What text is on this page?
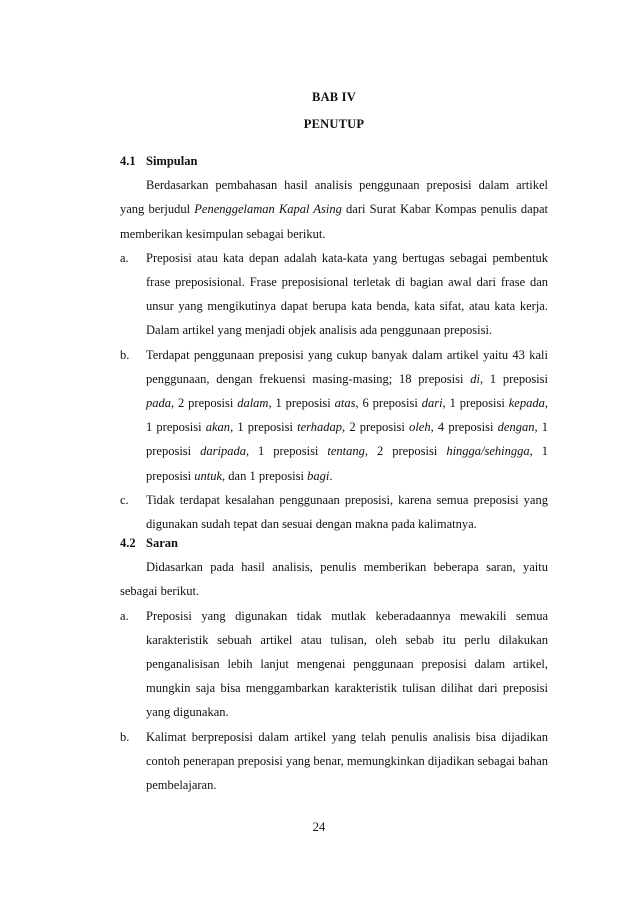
BAB IV
PENUTUP
4.1 Simpulan

Berdasarkan pembahasan hasil analisis penggunaan preposisi dalam artikel yang berjudul Penenggelaman Kapal Asing dari Surat Kabar Kompas penulis dapat memberikan kesimpulan sebagai berikut.

a. Preposisi atau kata depan adalah kata-kata yang bertugas sebagai pembentuk frase preposisional. Frase preposisional terletak di bagian awal dari frase dan unsur yang mengikutinya dapat berupa kata benda, kata sifat, atau kata kerja. Dalam artikel yang menjadi objek analisis ada penggunaan preposisi.
b. Terdapat penggunaan preposisi yang cukup banyak dalam artikel yaitu 43 kali penggunaan, dengan frekuensi masing-masing; 18 preposisi di, 1 preposisi pada, 2 preposisi dalam, 1 preposisi atas, 6 preposisi dari, 1 preposisi kepada, 1 preposisi akan, 1 preposisi terhadap, 2 preposisi oleh, 4 preposisi dengan, 1 preposisi daripada, 1 preposisi tentang, 2 preposisi hingga/sehingga, 1 preposisi untuk, dan 1 preposisi bagi.
c. Tidak terdapat kesalahan penggunaan preposisi, karena semua preposisi yang digunakan sudah tepat dan sesuai dengan makna pada kalimatnya.
4.2 Saran

Didasarkan pada hasil analisis, penulis memberikan beberapa saran, yaitu sebagai berikut.

a. Preposisi yang digunakan tidak mutlak keberadaannya mewakili semua karakteristik sebuah artikel atau tulisan, oleh sebab itu perlu dilakukan penganalisisan lebih lanjut mengenai penggunaan preposisi dalam artikel, mungkin saja bisa menggambarkan karakteristik tulisan dilihat dari preposisi yang digunakan.
b. Kalimat berpreposisi dalam artikel yang telah penulis analisis bisa dijadikan contoh penerapan preposisi yang benar, memungkinkan dijadikan sebagai bahan pembelajaran.
24
